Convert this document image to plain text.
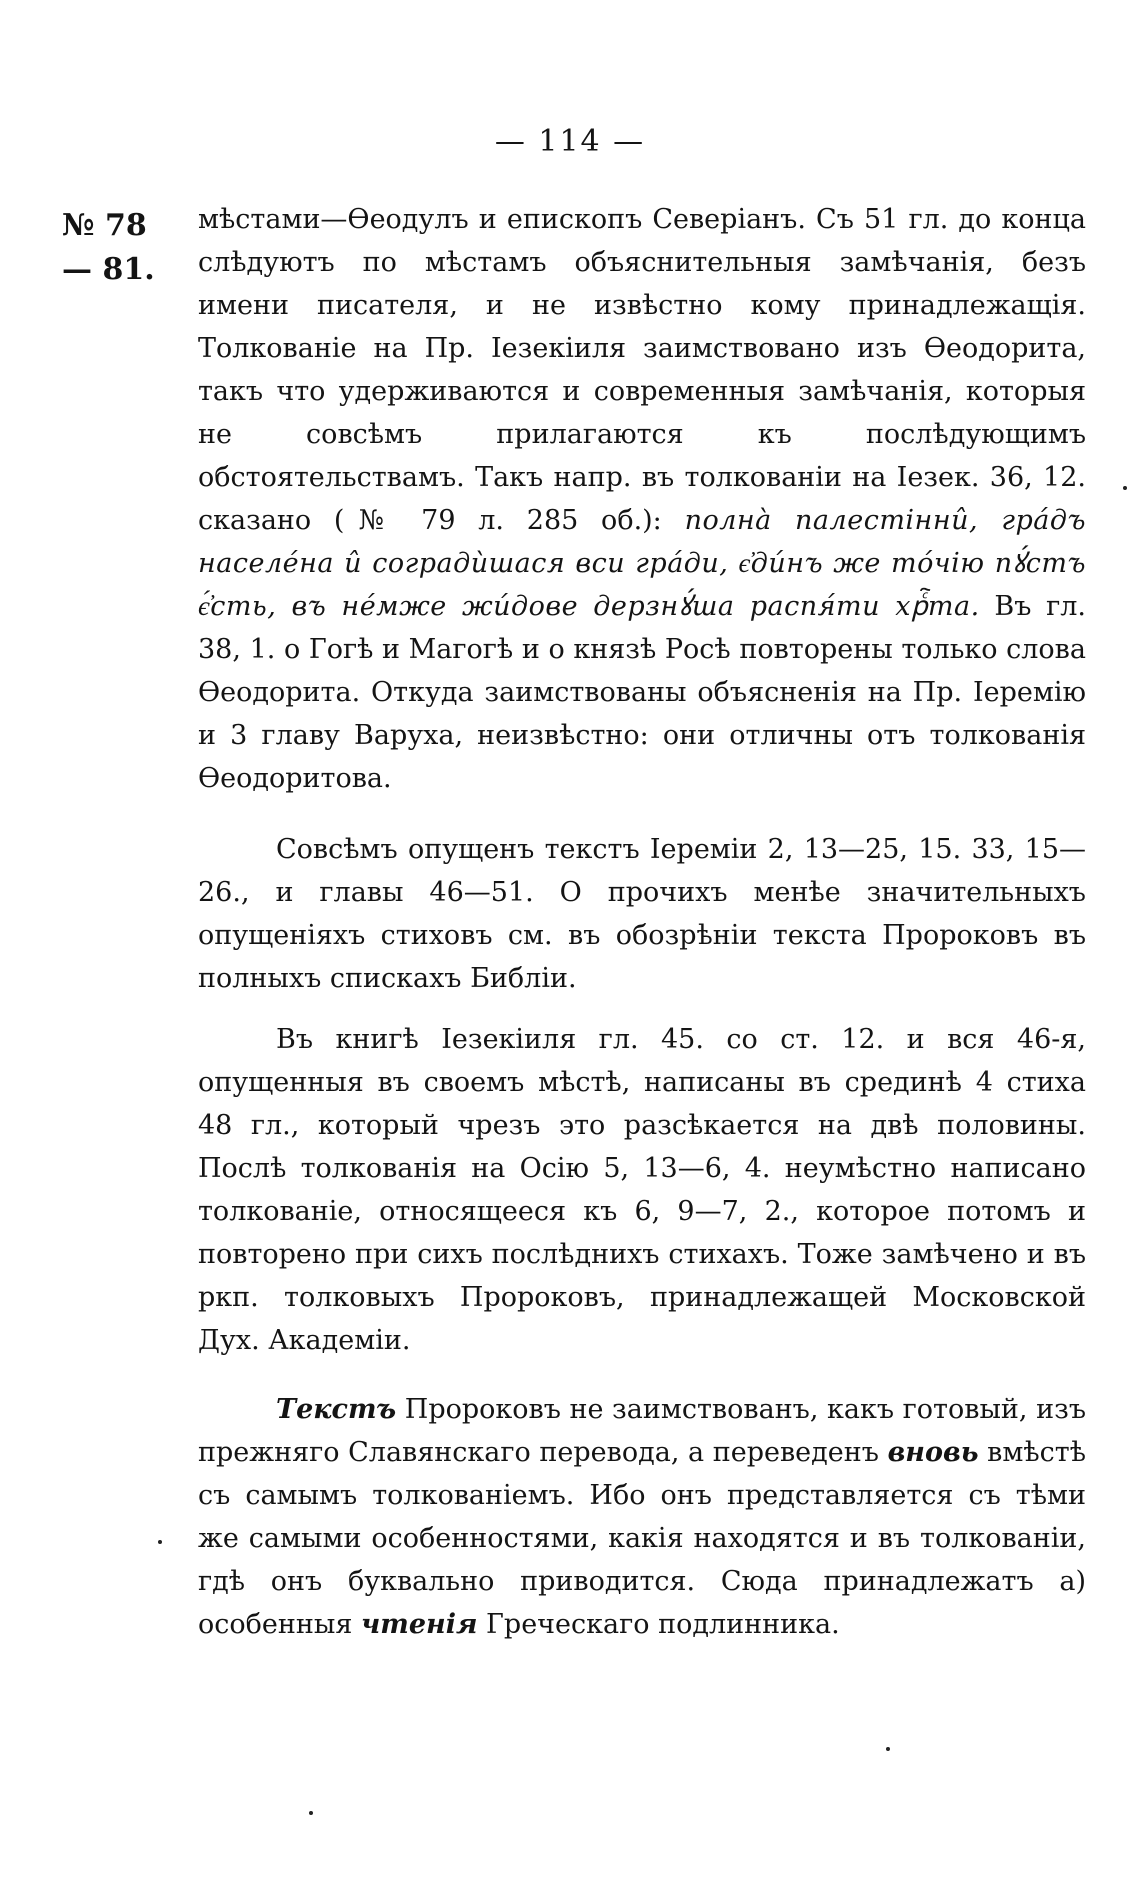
— 114 —
№ 78
— 81.

мѣстами—Ѳеодулъ и епископъ Северіанъ. Съ 51 гл. до конца слѣдуютъ по мѣстамъ объяснительныя замѣчанія, безъ имени писателя, и не извѣстно кому принадлежащія. Толкованіе на Пр. Іезекіиля заимствовано изъ Ѳеодорита, такъ что удерживаются и современныя замѣчанія, которыя не совсѣмъ прилагаются къ послѣдующимъ обстоятельствамъ. Такъ напр. въ толкованіи на Іезек. 36, 12. сказано (№ 79 л. 285 об.): полна̀ палестінни̂, гра́дъ населе́на и̂ соградѝшася вси гра́ди, є҆ди́нъ же то́чію пꙋ́стъ є҆́сть, въ не́мже жи́дове дерзнꙋ́ша распя́ти хрⷭ҇та. Въ гл. 38, 1. о Гогѣ и Магогѣ и о князѣ Росѣ повторены только слова Ѳеодорита. Откуда заимствованы объясненія на Пр. Іеремію и 3 главу Варуха, неизвѣстно: они отличны отъ толкованія Ѳеодоритова.

Совсѣмъ опущенъ текстъ Іереміи 2, 13—25, 15. 33, 15—26., и главы 46—51. О прочихъ менѣе значительныхъ опущеніяхъ стиховъ см. въ обозрѣніи текста Пророковъ въ полныхъ спискахъ Библіи.

Въ книгѣ Іезекіиля гл. 45. со ст. 12. и вся 46-я, опущенныя въ своемъ мѣстѣ, написаны въ срединѣ 4 стиха 48 гл., который чрезъ это разсѣкается на двѣ половины. Послѣ толкованія на Осію 5, 13—6, 4. неумѣстно написано толкованіе, относящееся къ 6, 9—7, 2., которое потомъ и повторено при сихъ послѣднихъ стихахъ. Тоже замѣчено и въ ркп. толковыхъ Пророковъ, принадлежащей Московской Дух. Академіи.

Текстъ Пророковъ не заимствованъ, какъ готовый, изъ прежняго Славянскаго перевода, а переведенъ вновь вмѣстѣ съ самымъ толкованіемъ. Ибо онъ представляется съ тѣми же самыми особенностями, какія находятся и въ толкованіи, гдѣ онъ буквально приводится. Сюда принадлежатъ а) особенныя чтенія Греческаго подлинника.
